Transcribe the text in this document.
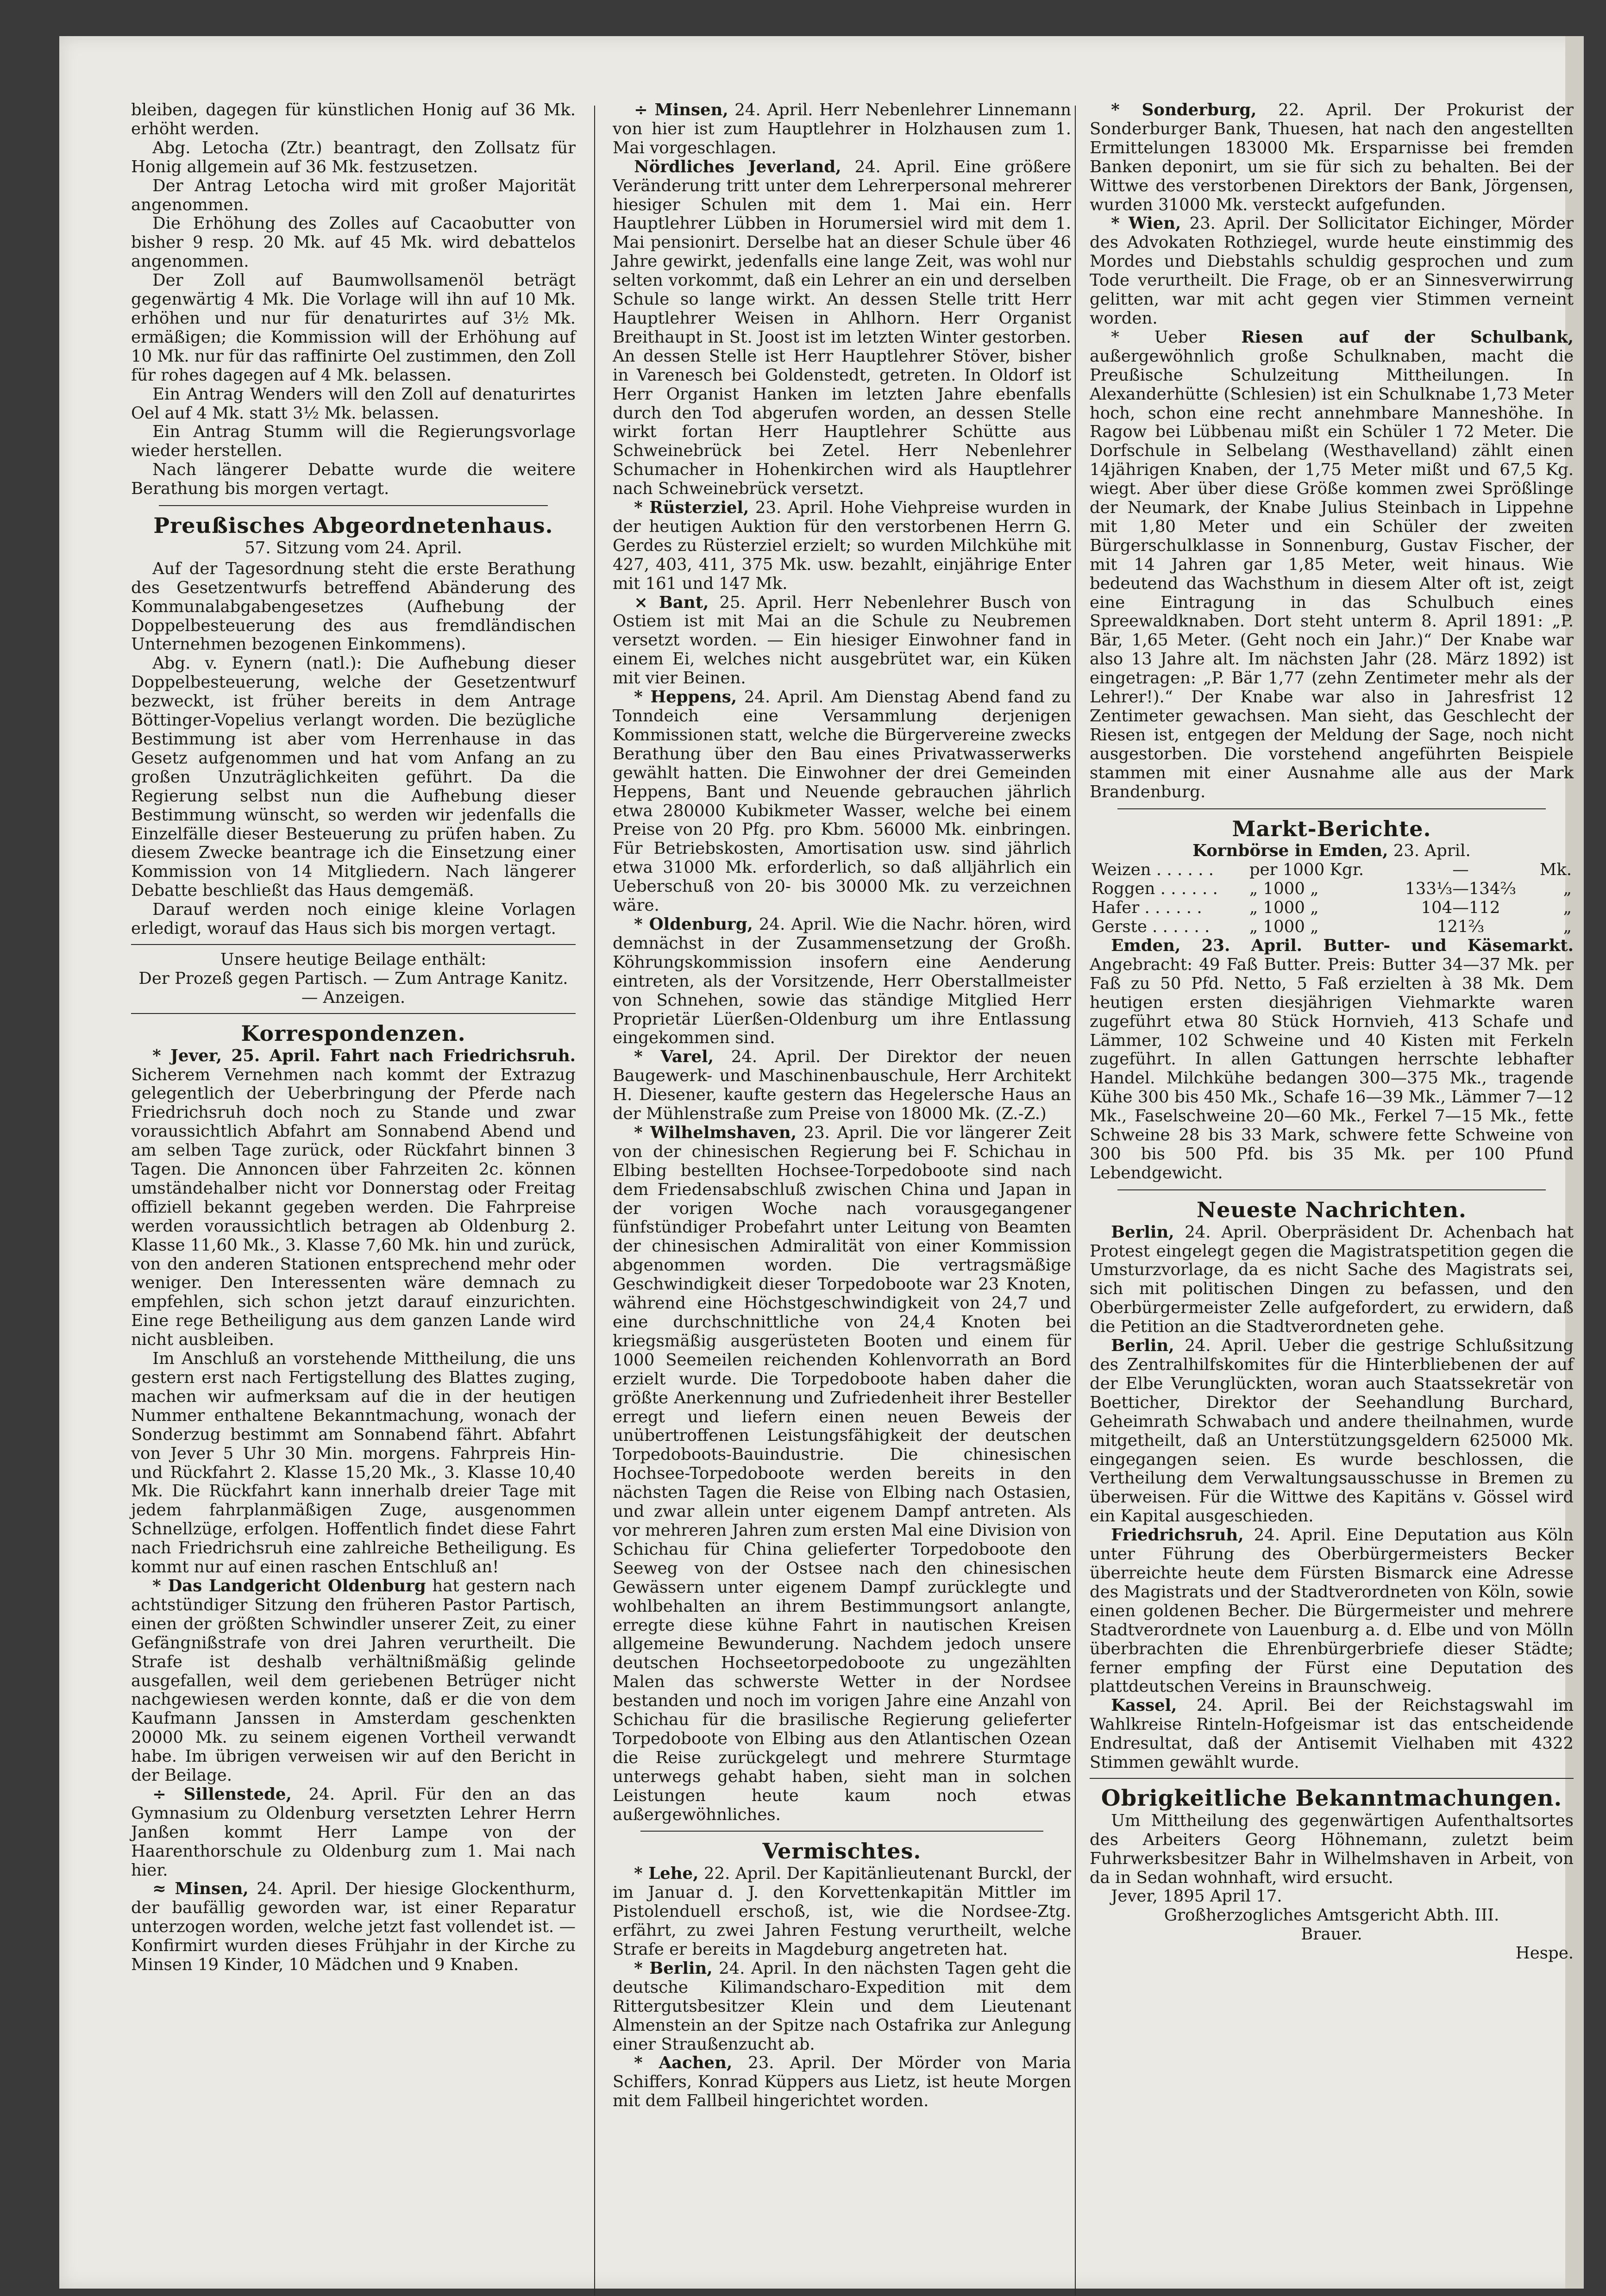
bleiben, dagegen für künstlichen Honig auf 36 Mk. erhöht werden.

Abg. Letocha (Ztr.) beantragt, den Zollsatz für Honig allgemein auf 36 Mk. festzusetzen.

Der Antrag Letocha wird mit großer Majorität angenommen.

Die Erhöhung des Zolles auf Cacaobutter von bisher 9 resp. 20 Mk. auf 45 Mk. wird debattelos angenommen.

Der Zoll auf Baumwollsamenöl beträgt gegenwärtig 4 Mk. Die Vorlage will ihn auf 10 Mk. erhöhen und nur für denaturirtes auf 3½ Mk. ermäßigen; die Kommission will der Erhöhung auf 10 Mk. nur für das raffinirte Oel zustimmen, den Zoll für rohes dagegen auf 4 Mk. belassen.

Ein Antrag Wenders will den Zoll auf denaturirtes Oel auf 4 Mk. statt 3½ Mk. belassen.

Ein Antrag Stumm will die Regierungsvorlage wieder herstellen.

Nach längerer Debatte wurde die weitere Berathung bis morgen vertagt.

Preußisches Abgeordnetenhaus.

57. Sitzung vom 24. April.

Auf der Tagesordnung steht die erste Berathung des Gesetzentwurfs betreffend Abänderung des Kommunalabgabengesetzes (Aufhebung der Doppelbesteuerung des aus fremdländischen Unternehmen bezogenen Einkommens).

Abg. v. Eynern (natl.): Die Aufhebung dieser Doppelbesteuerung, welche der Gesetzentwurf bezweckt, ist früher bereits in dem Antrage Böttinger-Vopelius verlangt worden. Die bezügliche Bestimmung ist aber vom Herrenhause in das Gesetz aufgenommen und hat vom Anfang an zu großen Unzuträglichkeiten geführt. Da die Regierung selbst nun die Aufhebung dieser Bestimmung wünscht, so werden wir jedenfalls die Einzelfälle dieser Besteuerung zu prüfen haben. Zu diesem Zwecke beantrage ich die Einsetzung einer Kommission von 14 Mitgliedern. Nach längerer Debatte beschließt das Haus demgemäß.

Darauf werden noch einige kleine Vorlagen erledigt, worauf das Haus sich bis morgen vertagt.

Unsere heutige Beilage enthält:

Der Prozeß gegen Partisch. — Zum Antrage Kanitz. — Anzeigen.

Korrespondenzen.

* Jever, 25. April. Fahrt nach Friedrichsruh. Sicherem Vernehmen nach kommt der Extrazug gelegentlich der Ueberbringung der Pferde nach Friedrichsruh doch noch zu Stande und zwar voraussichtlich Abfahrt am Sonnabend Abend und am selben Tage zurück, oder Rückfahrt binnen 3 Tagen. Die Annoncen über Fahrzeiten 2c. können umständehalber nicht vor Donnerstag oder Freitag offiziell bekannt gegeben werden. Die Fahrpreise werden voraussichtlich betragen ab Oldenburg 2. Klasse 11,60 Mk., 3. Klasse 7,60 Mk. hin und zurück, von den anderen Stationen entsprechend mehr oder weniger. Den Interessenten wäre demnach zu empfehlen, sich schon jetzt darauf einzurichten. Eine rege Betheiligung aus dem ganzen Lande wird nicht ausbleiben.

Im Anschluß an vorstehende Mittheilung, die uns gestern erst nach Fertigstellung des Blattes zuging, machen wir aufmerksam auf die in der heutigen Nummer enthaltene Bekanntmachung, wonach der Sonderzug bestimmt am Sonnabend fährt. Abfahrt von Jever 5 Uhr 30 Min. morgens. Fahrpreis Hin- und Rückfahrt 2. Klasse 15,20 Mk., 3. Klasse 10,40 Mk. Die Rückfahrt kann innerhalb dreier Tage mit jedem fahrplanmäßigen Zuge, ausgenommen Schnellzüge, erfolgen. Hoffentlich findet diese Fahrt nach Friedrichsruh eine zahlreiche Betheiligung. Es kommt nur auf einen raschen Entschluß an!

* Das Landgericht Oldenburg hat gestern nach achtstündiger Sitzung den früheren Pastor Partisch, einen der größten Schwindler unserer Zeit, zu einer Gefängnißstrafe von drei Jahren verurtheilt. Die Strafe ist deshalb verhältnißmäßig gelinde ausgefallen, weil dem geriebenen Betrüger nicht nachgewiesen werden konnte, daß er die von dem Kaufmann Janssen in Amsterdam geschenkten 20000 Mk. zu seinem eigenen Vortheil verwandt habe. Im übrigen verweisen wir auf den Bericht in der Beilage.

÷ Sillenstede, 24. April. Für den an das Gymnasium zu Oldenburg versetzten Lehrer Herrn Janßen kommt Herr Lampe von der Haarenthorschule zu Oldenburg zum 1. Mai nach hier.

≈ Minsen, 24. April. Der hiesige Glockenthurm, der baufällig geworden war, ist einer Reparatur unterzogen worden, welche jetzt fast vollendet ist. — Konfirmirt wurden dieses Frühjahr in der Kirche zu Minsen 19 Kinder, 10 Mädchen und 9 Knaben.

÷ Minsen, 24. April. Herr Nebenlehrer Linnemann von hier ist zum Hauptlehrer in Holzhausen zum 1. Mai vorgeschlagen.

Nördliches Jeverland, 24. April. Eine größere Veränderung tritt unter dem Lehrerpersonal mehrerer hiesiger Schulen mit dem 1. Mai ein. Herr Hauptlehrer Lübben in Horumersiel wird mit dem 1. Mai pensionirt. Derselbe hat an dieser Schule über 46 Jahre gewirkt, jedenfalls eine lange Zeit, was wohl nur selten vorkommt, daß ein Lehrer an ein und derselben Schule so lange wirkt. An dessen Stelle tritt Herr Hauptlehrer Weisen in Ahlhorn. Herr Organist Breithaupt in St. Joost ist im letzten Winter gestorben. An dessen Stelle ist Herr Hauptlehrer Stöver, bisher in Varenesch bei Goldenstedt, getreten. In Oldorf ist Herr Organist Hanken im letzten Jahre ebenfalls durch den Tod abgerufen worden, an dessen Stelle wirkt fortan Herr Hauptlehrer Schütte aus Schweinebrück bei Zetel. Herr Nebenlehrer Schumacher in Hohenkirchen wird als Hauptlehrer nach Schweinebrück versetzt.

* Rüsterziel, 23. April. Hohe Viehpreise wurden in der heutigen Auktion für den verstorbenen Herrn G. Gerdes zu Rüsterziel erzielt; so wurden Milchkühe mit 427, 403, 411, 375 Mk. usw. bezahlt, einjährige Enter mit 161 und 147 Mk.

⨯ Bant, 25. April. Herr Nebenlehrer Busch von Ostiem ist mit Mai an die Schule zu Neubremen versetzt worden. — Ein hiesiger Einwohner fand in einem Ei, welches nicht ausgebrütet war, ein Küken mit vier Beinen.

* Heppens, 24. April. Am Dienstag Abend fand zu Tonndeich eine Versammlung derjenigen Kommissionen statt, welche die Bürgervereine zwecks Berathung über den Bau eines Privatwasserwerks gewählt hatten. Die Einwohner der drei Gemeinden Heppens, Bant und Neuende gebrauchen jährlich etwa 280000 Kubikmeter Wasser, welche bei einem Preise von 20 Pfg. pro Kbm. 56000 Mk. einbringen. Für Betriebskosten, Amortisation usw. sind jährlich etwa 31000 Mk. erforderlich, so daß alljährlich ein Ueberschuß von 20- bis 30000 Mk. zu verzeichnen wäre.

* Oldenburg, 24. April. Wie die Nachr. hören, wird demnächst in der Zusammensetzung der Großh. Köhrungskommission insofern eine Aenderung eintreten, als der Vorsitzende, Herr Oberstallmeister von Schnehen, sowie das ständige Mitglied Herr Proprietär Lüerßen-Oldenburg um ihre Entlassung eingekommen sind.

* Varel, 24. April. Der Direktor der neuen Baugewerk- und Maschinenbauschule, Herr Architekt H. Diesener, kaufte gestern das Hegelersche Haus an der Mühlenstraße zum Preise von 18000 Mk. (Z.-Z.)

* Wilhelmshaven, 23. April. Die vor längerer Zeit von der chinesischen Regierung bei F. Schichau in Elbing bestellten Hochsee-Torpedoboote sind nach dem Friedensabschluß zwischen China und Japan in der vorigen Woche nach vorausgegangener fünfstündiger Probefahrt unter Leitung von Beamten der chinesischen Admiralität von einer Kommission abgenommen worden. Die vertragsmäßige Geschwindigkeit dieser Torpedoboote war 23 Knoten, während eine Höchstgeschwindigkeit von 24,7 und eine durchschnittliche von 24,4 Knoten bei kriegsmäßig ausgerüsteten Booten und einem für 1000 Seemeilen reichenden Kohlenvorrath an Bord erzielt wurde. Die Torpedoboote haben daher die größte Anerkennung und Zufriedenheit ihrer Besteller erregt und liefern einen neuen Beweis der unübertroffenen Leistungsfähigkeit der deutschen Torpedoboots-Bauindustrie. Die chinesischen Hochsee-Torpedoboote werden bereits in den nächsten Tagen die Reise von Elbing nach Ostasien, und zwar allein unter eigenem Dampf antreten. Als vor mehreren Jahren zum ersten Mal eine Division von Schichau für China gelieferter Torpedoboote den Seeweg von der Ostsee nach den chinesischen Gewässern unter eigenem Dampf zurücklegte und wohlbehalten an ihrem Bestimmungsort anlangte, erregte diese kühne Fahrt in nautischen Kreisen allgemeine Bewunderung. Nachdem jedoch unsere deutschen Hochseetorpedoboote zu ungezählten Malen das schwerste Wetter in der Nordsee bestanden und noch im vorigen Jahre eine Anzahl von Schichau für die brasilische Regierung gelieferter Torpedoboote von Elbing aus den Atlantischen Ozean die Reise zurückgelegt und mehrere Sturmtage unterwegs gehabt haben, sieht man in solchen Leistungen heute kaum noch etwas außergewöhnliches.

Vermischtes.

* Lehe, 22. April. Der Kapitänlieutenant Burckl, der im Januar d. J. den Korvettenkapitän Mittler im Pistolenduell erschoß, ist, wie die Nordsee-Ztg. erfährt, zu zwei Jahren Festung verurtheilt, welche Strafe er bereits in Magdeburg angetreten hat.

* Berlin, 24. April. In den nächsten Tagen geht die deutsche Kilimandscharo-Expedition mit dem Rittergutsbesitzer Klein und dem Lieutenant Almenstein an der Spitze nach Ostafrika zur Anlegung einer Straußenzucht ab.

* Aachen, 23. April. Der Mörder von Maria Schiffers, Konrad Küppers aus Lietz, ist heute Morgen mit dem Fallbeil hingerichtet worden.

* Sonderburg, 22. April. Der Prokurist der Sonderburger Bank, Thuesen, hat nach den angestellten Ermittelungen 183000 Mk. Ersparnisse bei fremden Banken deponirt, um sie für sich zu behalten. Bei der Wittwe des verstorbenen Direktors der Bank, Jörgensen, wurden 31000 Mk. versteckt aufgefunden.

* Wien, 23. April. Der Sollicitator Eichinger, Mörder des Advokaten Rothziegel, wurde heute einstimmig des Mordes und Diebstahls schuldig gesprochen und zum Tode verurtheilt. Die Frage, ob er an Sinnesverwirrung gelitten, war mit acht gegen vier Stimmen verneint worden.

* Ueber Riesen auf der Schulbank, außergewöhnlich große Schulknaben, macht die Preußische Schulzeitung Mittheilungen. In Alexanderhütte (Schlesien) ist ein Schulknabe 1,73 Meter hoch, schon eine recht annehmbare Manneshöhe. In Ragow bei Lübbenau mißt ein Schüler 1 72 Meter. Die Dorfschule in Selbelang (Westhavelland) zählt einen 14jährigen Knaben, der 1,75 Meter mißt und 67,5 Kg. wiegt. Aber über diese Größe kommen zwei Sprößlinge der Neumark, der Knabe Julius Steinbach in Lippehne mit 1,80 Meter und ein Schüler der zweiten Bürgerschulklasse in Sonnenburg, Gustav Fischer, der mit 14 Jahren gar 1,85 Meter, weit hinaus. Wie bedeutend das Wachsthum in diesem Alter oft ist, zeigt eine Eintragung in das Schulbuch eines Spreewaldknaben. Dort steht unterm 8. April 1891: „P. Bär, 1,65 Meter. (Geht noch ein Jahr.)“ Der Knabe war also 13 Jahre alt. Im nächsten Jahr (28. März 1892) ist eingetragen: „P. Bär 1,77 (zehn Zentimeter mehr als der Lehrer!).“ Der Knabe war also in Jahresfrist 12 Zentimeter gewachsen. Man sieht, das Geschlecht der Riesen ist, entgegen der Meldung der Sage, noch nicht ausgestorben. Die vorstehend angeführten Beispiele stammen mit einer Ausnahme alle aus der Mark Brandenburg.

Markt-Berichte.

Kornbörse in Emden, 23. April.

Weizen . . . . . .	per 1000 Kgr.	—	Mk.
Roggen . . . . . .	„ 1000 „	133⅓—134⅔	„
Hafer . . . . . .	„ 1000 „	104—112	„
Gerste . . . . . .	„ 1000 „	121⅔	„

Emden, 23. April. Butter- und Käsemarkt. Angebracht: 49 Faß Butter. Preis: Butter 34—37 Mk. per Faß zu 50 Pfd. Netto, 5 Faß erzielten à 38 Mk. Dem heutigen ersten diesjährigen Viehmarkte waren zugeführt etwa 80 Stück Hornvieh, 413 Schafe und Lämmer, 102 Schweine und 40 Kisten mit Ferkeln zugeführt. In allen Gattungen herrschte lebhafter Handel. Milchkühe bedangen 300—375 Mk., tragende Kühe 300 bis 450 Mk., Schafe 16—39 Mk., Lämmer 7—12 Mk., Faselschweine 20—60 Mk., Ferkel 7—15 Mk., fette Schweine 28 bis 33 Mark, schwere fette Schweine von 300 bis 500 Pfd. bis 35 Mk. per 100 Pfund Lebendgewicht.

Neueste Nachrichten.

Berlin, 24. April. Oberpräsident Dr. Achenbach hat Protest eingelegt gegen die Magistratspetition gegen die Umsturzvorlage, da es nicht Sache des Magistrats sei, sich mit politischen Dingen zu befassen, und den Oberbürgermeister Zelle aufgefordert, zu erwidern, daß die Petition an die Stadtverordneten gehe.

Berlin, 24. April. Ueber die gestrige Schlußsitzung des Zentralhilfskomites für die Hinterbliebenen der auf der Elbe Verunglückten, woran auch Staatssekretär von Boetticher, Direktor der Seehandlung Burchard, Geheimrath Schwabach und andere theilnahmen, wurde mitgetheilt, daß an Unterstützungsgeldern 625000 Mk. eingegangen seien. Es wurde beschlossen, die Vertheilung dem Verwaltungsausschusse in Bremen zu überweisen. Für die Wittwe des Kapitäns v. Gössel wird ein Kapital ausgeschieden.

Friedrichsruh, 24. April. Eine Deputation aus Köln unter Führung des Oberbürgermeisters Becker überreichte heute dem Fürsten Bismarck eine Adresse des Magistrats und der Stadtverordneten von Köln, sowie einen goldenen Becher. Die Bürgermeister und mehrere Stadtverordnete von Lauenburg a. d. Elbe und von Mölln überbrachten die Ehrenbürgerbriefe dieser Städte; ferner empfing der Fürst eine Deputation des plattdeutschen Vereins in Braunschweig.

Kassel, 24. April. Bei der Reichstagswahl im Wahlkreise Rinteln-Hofgeismar ist das entscheidende Endresultat, daß der Antisemit Vielhaben mit 4322 Stimmen gewählt wurde.

Obrigkeitliche Bekanntmachungen.

Um Mittheilung des gegenwärtigen Aufenthaltsortes des Arbeiters Georg Höhnemann, zuletzt beim Fuhrwerksbesitzer Bahr in Wilhelmshaven in Arbeit, von da in Sedan wohnhaft, wird ersucht.

Jever, 1895 April 17.

Großherzogliches Amtsgericht Abth. III.

Brauer.

Hespe.
